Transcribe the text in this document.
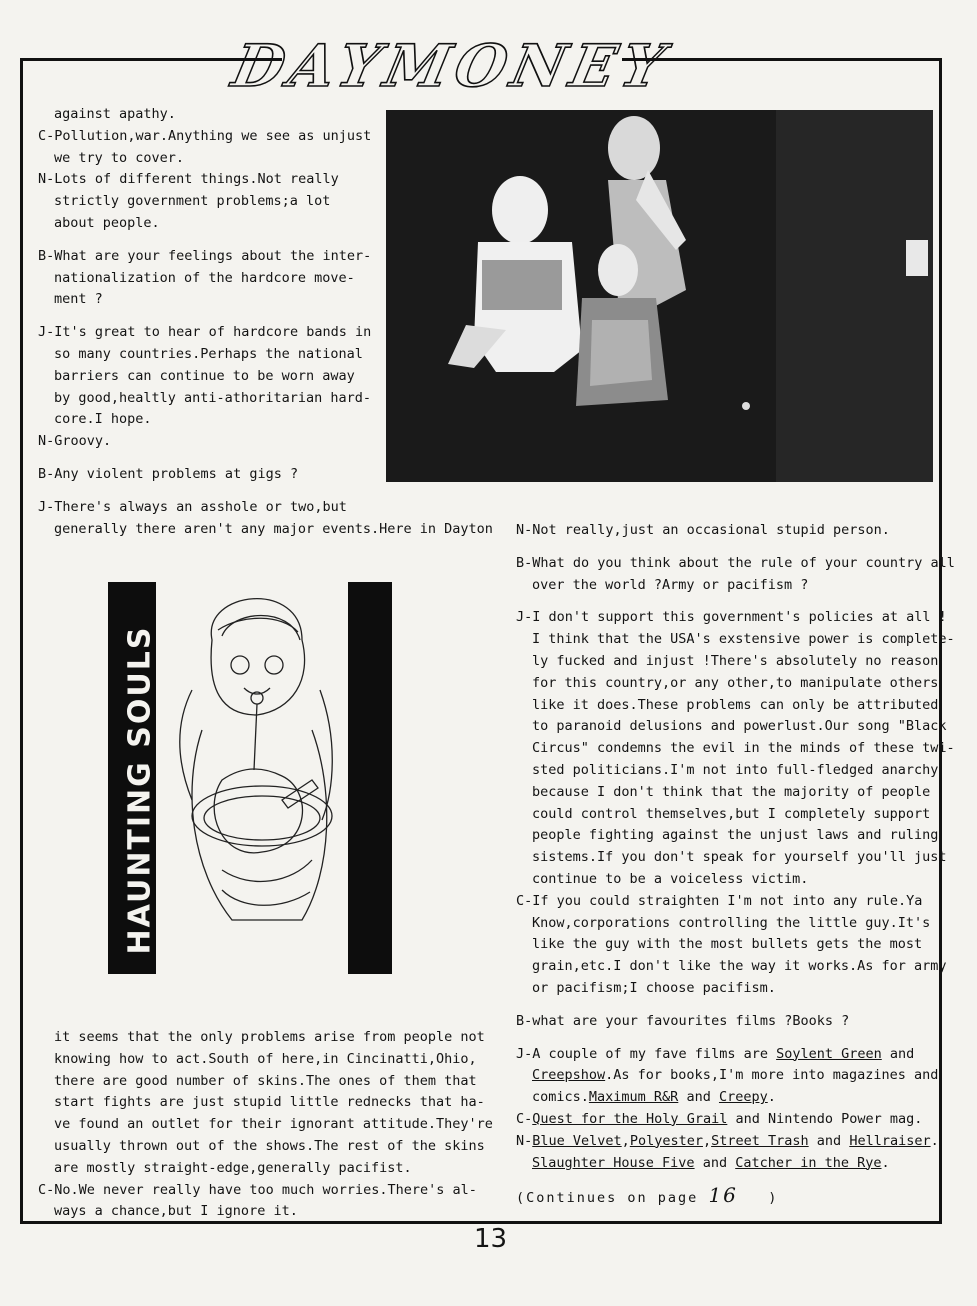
DAYMONEY

against apathy.

C-Pollution,war.Anything we see as unjust

we try to cover.

N-Lots of different things.Not really

strictly government problems;a lot

about people.

B-What are your feelings about the inter-

nationalization of the hardcore move-

ment ?

J-It's great to hear of hardcore bands in

so many countries.Perhaps the national

barriers can continue to be worn away

by good,healtly anti-athoritarian hard-

core.I hope.

N-Groovy.

B-Any violent problems at gigs ?

J-There's always an asshole or two,but

generally there aren't any major events.Here in Dayton

HAUNTING SOULS	INVOLUNTARY VICTIMS

it seems that the only problems arise from people not

knowing how to act.South of here,in Cincinatti,Ohio,

there are good number of skins.The ones of them that

start fights are just stupid little rednecks that ha-

ve found an outlet for their ignorant attitude.They're

usually thrown out of the shows.The rest of the skins

are mostly straight-edge,generally pacifist.

C-No.We never really have too much worries.There's al-

ways a chance,but I ignore it.

N-Not really,just an occasional stupid person.

B-What do you think about the rule of your country all

over the world ?Army or pacifism ?

J-I don't support this government's policies at all !

I think that the USA's exstensive power is complete-

ly fucked and injust !There's absolutely no reason

for this country,or any other,to manipulate others

like it does.These problems can only be attributed

to paranoid delusions and powerlust.Our song "Black

Circus" condemns the evil in the minds of these twi-

sted politicians.I'm not into full-fledged anarchy

because I don't think that the majority of people

could control themselves,but I completely support

people fighting against the unjust laws and ruling

sistems.If you don't speak for yourself you'll just

continue to be a voiceless victim.

C-If you could straighten I'm not into any rule.Ya

Know,corporations controlling the little guy.It's

like the guy with the most bullets gets the most

grain,etc.I don't like the way it works.As for army

or pacifism;I choose pacifism.

B-what are your favourites films ?Books ?

J-A couple of my fave films are Soylent Green and

Creepshow.As for books,I'm more into magazines and

comics.Maximum R&R and Creepy.

C-Quest for the Holy Grail and Nintendo Power mag.

N-Blue Velvet,Polyester,Street Trash and Hellraiser.

Slaughter House Five and Catcher in the Rye.

(Continues on page 16 )

13
